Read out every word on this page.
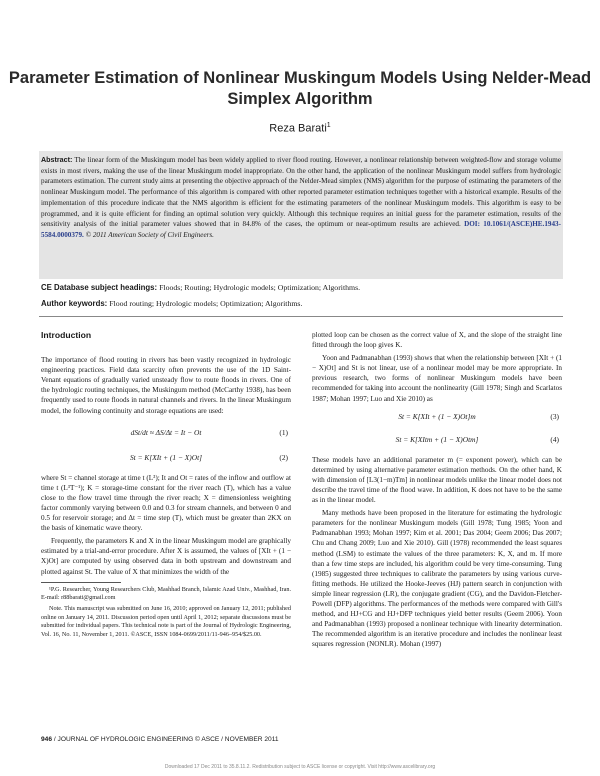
Parameter Estimation of Nonlinear Muskingum Models Using Nelder-Mead Simplex Algorithm
Reza Barati$^1$

Abstract: The linear form of the Muskingum model has been widely applied to river flood routing. However, a nonlinear relationship between weighted-flow and storage volume exists in most rivers, making the use of the linear Muskingum model inappropriate. On the other hand, the application of the nonlinear Muskingum model suffers from hydrologic parameters estimation. The current study aims at presenting the objective approach of the Nelder-Mead simplex (NMS) algorithm for the purpose of estimating the parameters of the nonlinear Muskingum model. The performance of this algorithm is compared with other reported parameter estimation techniques together with a historical example. Results of the implementation of this procedure indicate that the NMS algorithm is efficient for the estimating parameters of the nonlinear Muskingum models. This algorithm is easy to be programmed, and it is quite efficient for finding an optimal solution very quickly. Although this technique requires an initial guess for the parameter estimation, results of the sensitivity analysis of the initial parameter values showed that in 84.8% of the cases, the optimum or near-optimum results are achieved. DOI: 10.1061/(ASCE)HE.1943-5584.0000379. © 2011 American Society of Civil Engineers.

CE Database subject headings: Floods; Routing; Hydrologic models; Optimization; Algorithms.

Author keywords: Flood routing; Hydrologic models; Optimization; Algorithms.

Introduction

The importance of flood routing in rivers has been vastly recognized in hydrologic engineering practices. Field data scarcity often prevents the use of the 1D Saint-Venant equations of gradually varied unsteady flow to route floods in rivers. One of the hydrologic routing techniques, the Muskingum method (McCarthy 1938), has been frequently used to route floods in natural channels and rivers. In the linear Muskingum model, the following continuity and storage equations are used:

dSt/dt ≈ ΔS/Δt = It − Ot	(1)
St = K[XIt + (1 − X)Ot]	(2)

where St = channel storage at time t (L³); It and Ot = rates of the inflow and outflow at time t (L³T⁻¹); K = storage-time constant for the river reach (T), which has a value close to the flow travel time through the river reach; X = dimensionless weighting factor commonly varying between 0.0 and 0.3 for stream channels, and between 0 and 0.5 for reservoir storage; and Δt = time step (T), which must be greater than 2KX on the basis of kinematic wave theory.

Frequently, the parameters K and X in the linear Muskingum model are graphically estimated by a trial-and-error procedure. After X is assumed, the values of [XIt + (1 − X)Ot] are computed by using observed data in both upstream and downstream and plotted against St. The value of X that minimizes the width of the

¹P.G. Researcher, Young Researchers Club, Mashhad Branch, Islamic Azad Univ., Mashhad, Iran. E-mail: r88barati@gmail.com

Note. This manuscript was submitted on June 16, 2010; approved on January 12, 2011; published online on January 14, 2011. Discussion period open until April 1, 2012; separate discussions must be submitted for individual papers. This technical note is part of the Journal of Hydrologic Engineering, Vol. 16, No. 11, November 1, 2011. ©ASCE, ISSN 1084-0699/2011/11-946–954/$25.00.

plotted loop can be chosen as the correct value of X, and the slope of the straight line fitted through the loop gives K.

Yoon and Padmanabhan (1993) shows that when the relationship between [XIt + (1 − X)Ot] and St is not linear, use of a nonlinear model may be more appropriate. In previous research, two forms of nonlinear Muskingum models have been recommended for taking into account the nonlinearity (Gill 1978; Singh and Scarlatos 1987; Mohan 1997; Luo and Xie 2010) as

St = K[XIt + (1 − X)Ot]m	(3)
St = K[XItm + (1 − X)Otm]	(4)

These models have an additional parameter m (= exponent power), which can be determined by using alternative parameter estimation methods. On the other hand, K with dimension of [L3(1−m)Tm] in nonlinear models unlike the linear model does not describe the travel time of the flood wave. In addition, K does not have to be the same as in the linear model.

Many methods have been proposed in the literature for estimating the hydrologic parameters for the nonlinear Muskingum models (Gill 1978; Tung 1985; Yoon and Padmanabhan 1993; Mohan 1997; Kim et al. 2001; Das 2004; Geem 2006; Das 2007; Chu and Chang 2009; Luo and Xie 2010). Gill (1978) recommended the least squares method (LSM) to estimate the values of the three parameters: K, X, and m. If more than a few time steps are included, his algorithm could be very time-consuming. Tung (1985) suggested three techniques to calibrate the parameters by using various curve-fitting methods. He utilized the Hooke-Jeeves (HJ) pattern search in conjunction with simple linear regression (LR), the conjugate gradient (CG), and the Davidon-Fletcher-Powell (DFP) algorithms. The performances of the methods were compared with Gill's method, and HJ+CG and HJ+DFP techniques yield better results (Geem 2006). Yoon and Padmanabhan (1993) proposed a nonlinear technique with linearity determination. The recommended algorithm is an iterative procedure and includes the nonlinear least squares regression (NONLR). Mohan (1997)

946 / JOURNAL OF HYDROLOGIC ENGINEERING © ASCE / NOVEMBER 2011
Downloaded 17 Dec 2011 to 35.8.11.2. Redistribution subject to ASCE license or copyright. Visit http://www.ascelibrary.org
